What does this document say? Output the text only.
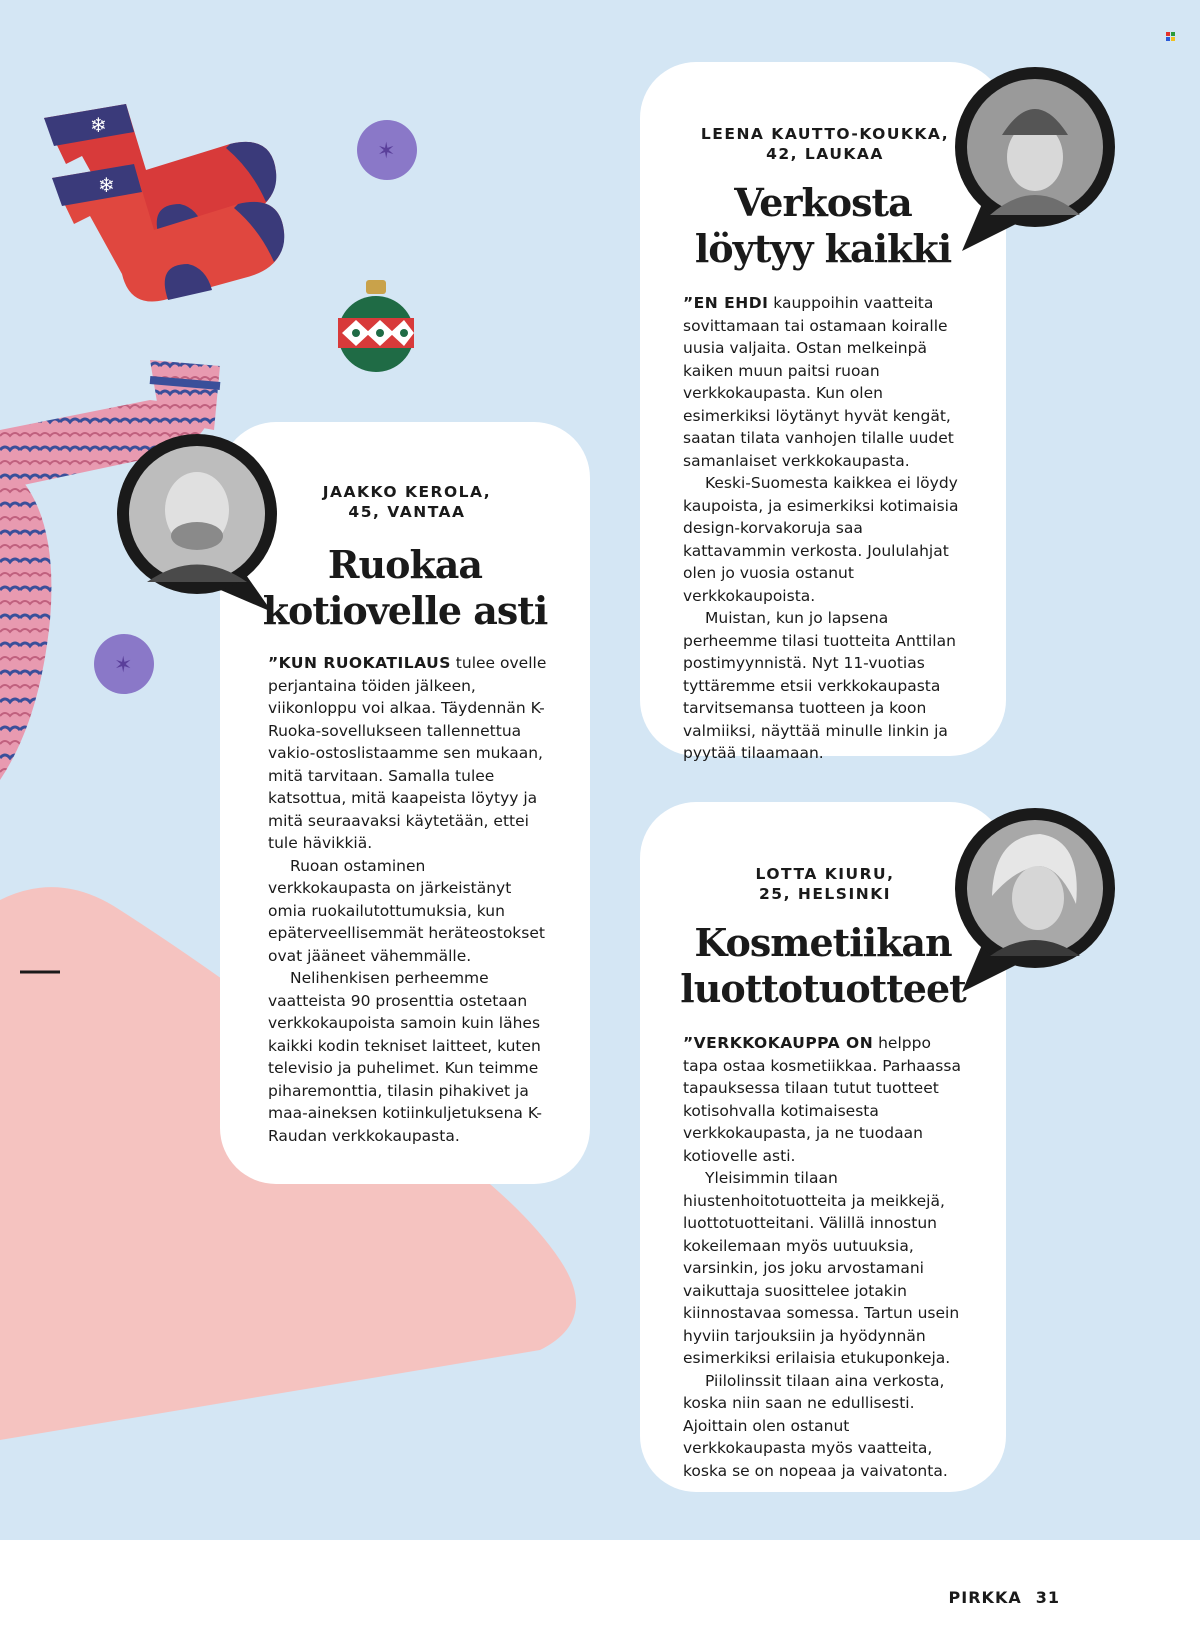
❄
❄
✶
✶
LEENA KAUTTO-KOUKKA,
42, LAUKAA
Verkosta
löytyy kaikki

”EN EHDI kauppoihin vaatteita sovittamaan tai ostamaan koiralle uusia valjaita. Ostan melkeinpä kaiken muun paitsi ruoan verkkokaupasta. Kun olen esimerkiksi löytänyt hyvät kengät, saatan tilata vanhojen tilalle uudet samanlaiset verkkokaupasta.

Keski-Suomesta kaikkea ei löydy kaupoista, ja esimerkiksi kotimaisia design-korvakoruja saa kattavammin verkosta. Joululahjat olen jo vuosia ostanut verkkokaupoista.

Muistan, kun jo lapsena perheemme tilasi tuotteita Anttilan postimyynnistä. Nyt 11-vuotias tyttäremme etsii verkkokaupasta tarvitsemansa tuotteen ja koon valmiiksi, näyttää minulle linkin ja pyytää tilaamaan.

JAAKKO KEROLA,
45, VANTAA
Ruokaa
kotiovelle asti

”KUN RUOKATILAUS tulee ovelle perjantaina töiden jälkeen, viikonloppu voi alkaa. Täydennän K-Ruoka-sovellukseen tallennettua vakio-ostoslistaamme sen mukaan, mitä tarvitaan. Samalla tulee katsottua, mitä kaapeista löytyy ja mitä seuraavaksi käytetään, ettei tule hävikkiä.

Ruoan ostaminen verkkokaupasta on järkeistänyt omia ruokailutottumuksia, kun epäterveellisemmät heräteostokset ovat jääneet vähemmälle.

Nelihenkisen perheemme vaatteista 90 prosenttia ostetaan verkkokaupoista samoin kuin lähes kaikki kodin tekniset laitteet, kuten televisio ja puhelimet. Kun teimme piharemonttia, tilasin pihakivet ja maa-aineksen kotiinkuljetuksena K-Raudan verkkokaupasta.

LOTTA KIURU,
25, HELSINKI
Kosmetiikan
luottotuotteet

”VERKKOKAUPPA ON helppo tapa ostaa kosmetiikkaa. Parhaassa tapauksessa tilaan tutut tuotteet kotisohvalla kotimaisesta verkkokaupasta, ja ne tuodaan kotiovelle asti.

Yleisimmin tilaan hiustenhoitotuotteita ja meikkejä, luottotuotteitani. Välillä innostun kokeilemaan myös uutuuksia, varsinkin, jos joku arvostamani vaikuttaja suosittelee jotakin kiinnostavaa somessa. Tartun usein hyviin tarjouksiin ja hyödynnän esimerkiksi erilaisia etukuponkeja.

Piilolinssit tilaan aina verkosta, koska niin saan ne edullisesti. Ajoittain olen ostanut verkkokaupasta myös vaatteita, koska se on nopeaa ja vaivatonta.

PIRKKA 31
